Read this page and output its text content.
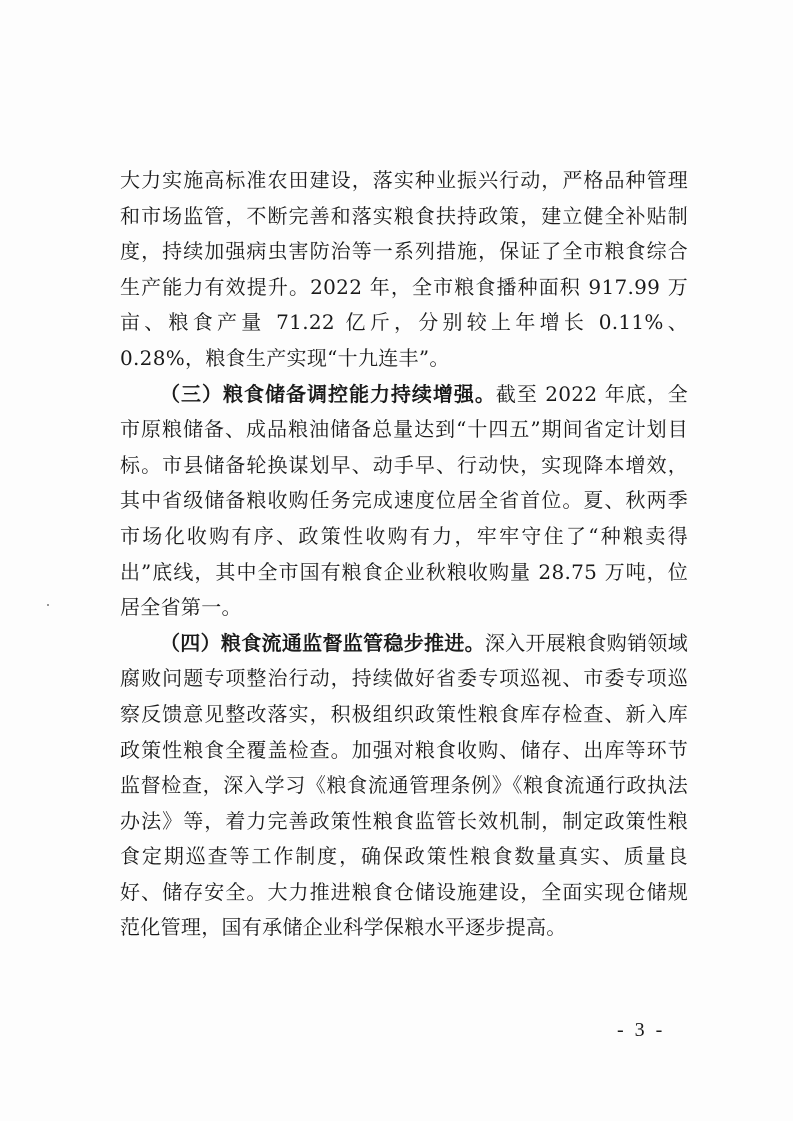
大力实施高标准农田建设，落实种业振兴行动，严格品种管理和市场监管，不断完善和落实粮食扶持政策，建立健全补贴制度，持续加强病虫害防治等一系列措施，保证了全市粮食综合生产能力有效提升。2022 年，全市粮食播种面积 917.99 万亩、粮食产量 71.22 亿斤，分别较上年增长 0.11%、0.28%，粮食生产实现“十九连丰”。

（三）粮食储备调控能力持续增强。截至 2022 年底，全市原粮储备、成品粮油储备总量达到“十四五”期间省定计划目标。市县储备轮换谋划早、动手早、行动快，实现降本增效，其中省级储备粮收购任务完成速度位居全省首位。夏、秋两季市场化收购有序、政策性收购有力，牢牢守住了“种粮卖得出”底线，其中全市国有粮食企业秋粮收购量 28.75 万吨，位居全省第一。

（四）粮食流通监督监管稳步推进。深入开展粮食购销领域腐败问题专项整治行动，持续做好省委专项巡视、市委专项巡察反馈意见整改落实，积极组织政策性粮食库存检查、新入库政策性粮食全覆盖检查。加强对粮食收购、储存、出库等环节监督检查，深入学习《粮食流通管理条例》《粮食流通行政执法办法》等，着力完善政策性粮食监管长效机制，制定政策性粮食定期巡查等工作制度，确保政策性粮食数量真实、质量良好、储存安全。大力推进粮食仓储设施建设，全面实现仓储规范化管理，国有承储企业科学保粮水平逐步提高。

- 3 -
